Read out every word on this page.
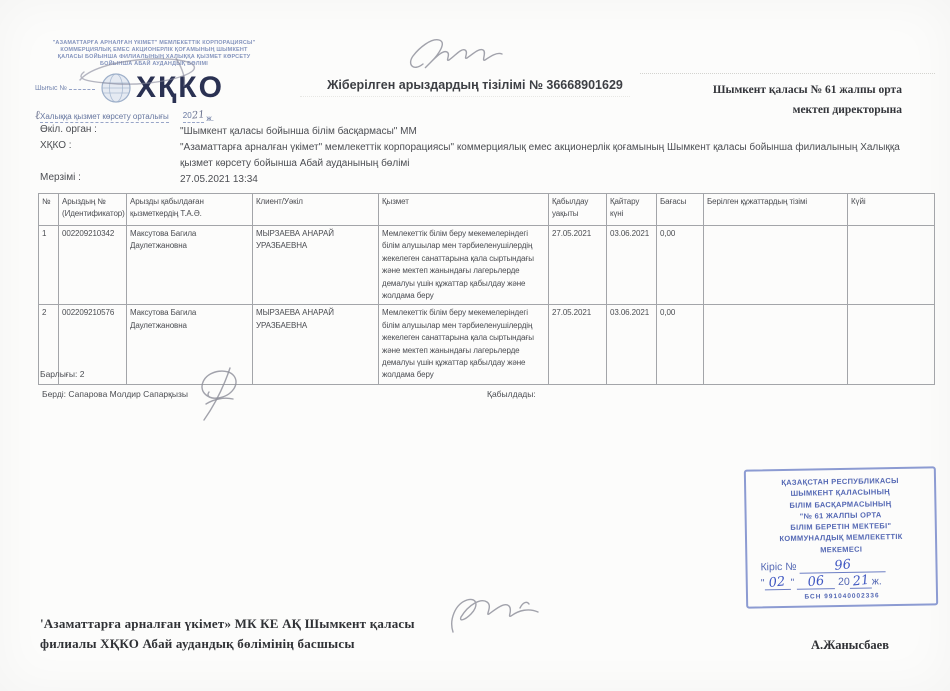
"АЗАМАТТАРҒА АРНАЛҒАН ҮКІМЕТ" МЕМЛЕКЕТТІК КОРПОРАЦИЯСЫ"
КОММЕРЦИЯЛЫҚ ЕМЕС АКЦИОНЕРЛІК ҚОҒАМЫНЫҢ ШЫМКЕНТ
ҚАЛАСЫ БОЙЫНША ФИЛИАЛЫНЫҢ ХАЛЫҚҚА ҚЫЗМЕТ КӨРСЕТУ
БОЙЫНША АБАЙ АУДАНДЫҚ БӨЛІМІ
Шығыс №	ХҚКО
ℓ Халыққа қызмет көрсету орталығы 2021 ж.
Жіберілген арыздардың тізілімі № 36668901629	Шымкент қаласы № 61 жалпы орта
мектеп директорына
Өкіл. орган :	"Шымкент қаласы бойынша білім басқармасы" ММ
ХҚКО :	"Азаматтарға арналған үкімет" мемлекеттік корпорациясы" коммерциялық емес акционерлік қоғамының Шымкент қаласы бойынша филиалының Халыққа қызмет көрсету бойынша Абай ауданының бөлімі
Мерзімі :	27.05.2021 13:34
№	Арыздың № (Идентификатор)	Арызды қабылдаған қызметкердің Т.А.Ә.	Клиент/Уәкіл	Қызмет	Қабылдау уақыты	Қайтару күні	Бағасы	Берілген құжаттардың тізімі	Күйі
1	002209210342	Максутова Багила Даулетжановна	МЫРЗАЕВА АНАРАЙ УРАЗБАЕВНА	Мемлекеттік білім беру мекемелеріндегі білім алушылар мен тәрбиеленушілердің жекелеген санаттарына қала сыртындағы және мектеп жанындағы лагерьлерде демалуы үшін құжаттар қабылдау және жолдама беру	27.05.2021	03.06.2021	0,00		
2	002209210576	Максутова Багила Даулетжановна	МЫРЗАЕВА АНАРАЙ УРАЗБАЕВНА	Мемлекеттік білім беру мекемелеріндегі білім алушылар мен тәрбиеленушілердің жекелеген санаттарына қала сыртындағы және мектеп жанындағы лагерьлерде демалуы үшін құжаттар қабылдау және жолдама беру	27.05.2021	03.06.2021	0,00		
Барлығы: 2
Берді: Сапарова Молдир Сапарқызы	Қабылдады:
ҚАЗАҚСТАН РЕСПУБЛИКАСЫ
ШЫМКЕНТ ҚАЛАСЫНЫҢ
БІЛІМ БАСҚАРМАСЫНЫҢ
"№ 61 ЖАЛПЫ ОРТА
БІЛІМ БЕРЕТІН МЕКТЕБІ"
КОММУНАЛДЫҚ МЕМЛЕКЕТТІК
МЕКЕМЕСІ
Кіріс №	96
" 02 " 06 20 21 ж.
БСН 991040002336
'Азаматтарға арналған үкімет» МК КЕ АҚ Шымкент қаласы
филиалы ХҚКО Абай аудандық бөлімінің басшысы	А.Жанысбаев
